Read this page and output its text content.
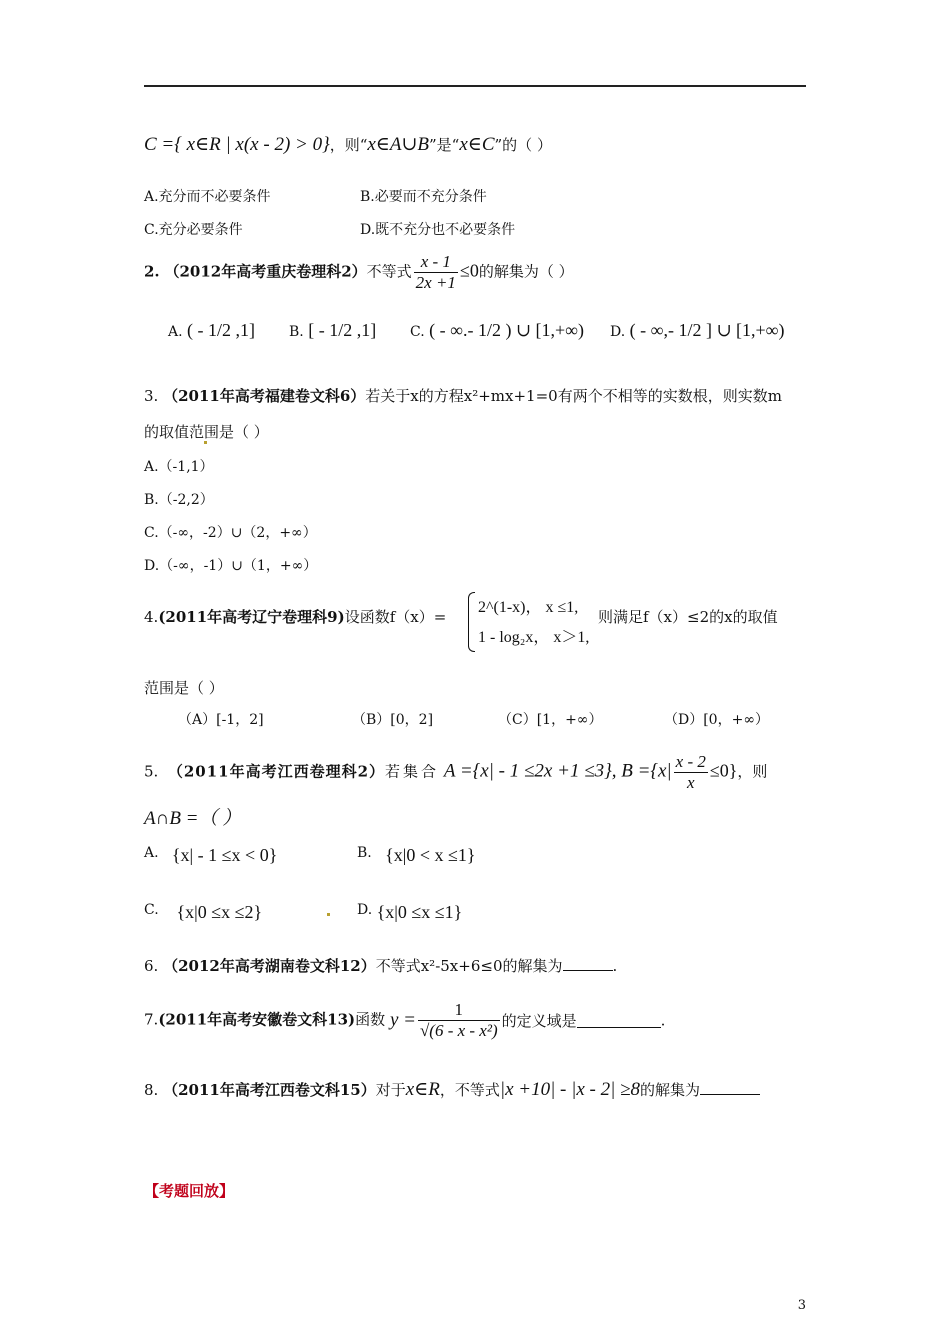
C ={ x∈R | x(x - 2) > 0}，则“x∈A∪B”是“x∈C”的（ ）
A.充分而不必要条件	B.必要而不充分条件
C.充分必要条件	D.既不充分也不必要条件
2. （2012年高考重庆卷理科2）不等式 $\frac{x - 1}{2x +1} \le 0$的解集为（ ）
A. ( - 1/2 ,1] B. [ - 1/2 ,1] C. ( - ∞.- 1/2 ) ∪ [1,+∞) D. ( - ∞,- 1/2 ] ∪ [1,+∞)
3. （2011年高考福建卷文科6）若关于x的方程x²+mx+1=0有两个不相等的实数根，则实数m
的取值范围是（ ）
A.（-1,1）
B.（-2,2）
C.（-∞，-2）∪（2，+∞）
D.（-∞，-1）∪（1，+∞）
4.(2011年高考辽宁卷理科9)设函数f（x）=
2^(1-x)， x ≤1,
1 - log₂x， x＞1,
则满足f（x）≤2的x的取值
范围是（ ）
（A）[-1，2]	（B）[0，2]	（C）[1，+∞）	（D）[0，+∞）
5. （2011年高考江西卷理科2）若集合 A ={x| - 1 ≤2x +1 ≤3}, $B =\{x| \frac{x - 2}{x} \le 0\}$，则
A∩B =（ ）
A. {x| - 1 ≤x < 0}	B. {x|0 < x ≤1}
C. {x|0 ≤x ≤2}	D. {x|0 ≤x ≤1}
6. （2012年高考湖南卷文科12）不等式x²-5x+6≤0的解集为	.
7.(2011年高考安徽卷文科13)函数 $y = \frac{1}{\text{√(6 - x - x²)}}$ 的定义域是	.
8. （2011年高考江西卷文科15）对于x∈R，不等式|x +10| - |x - 2| ≥8的解集为
【考题回放】
3
